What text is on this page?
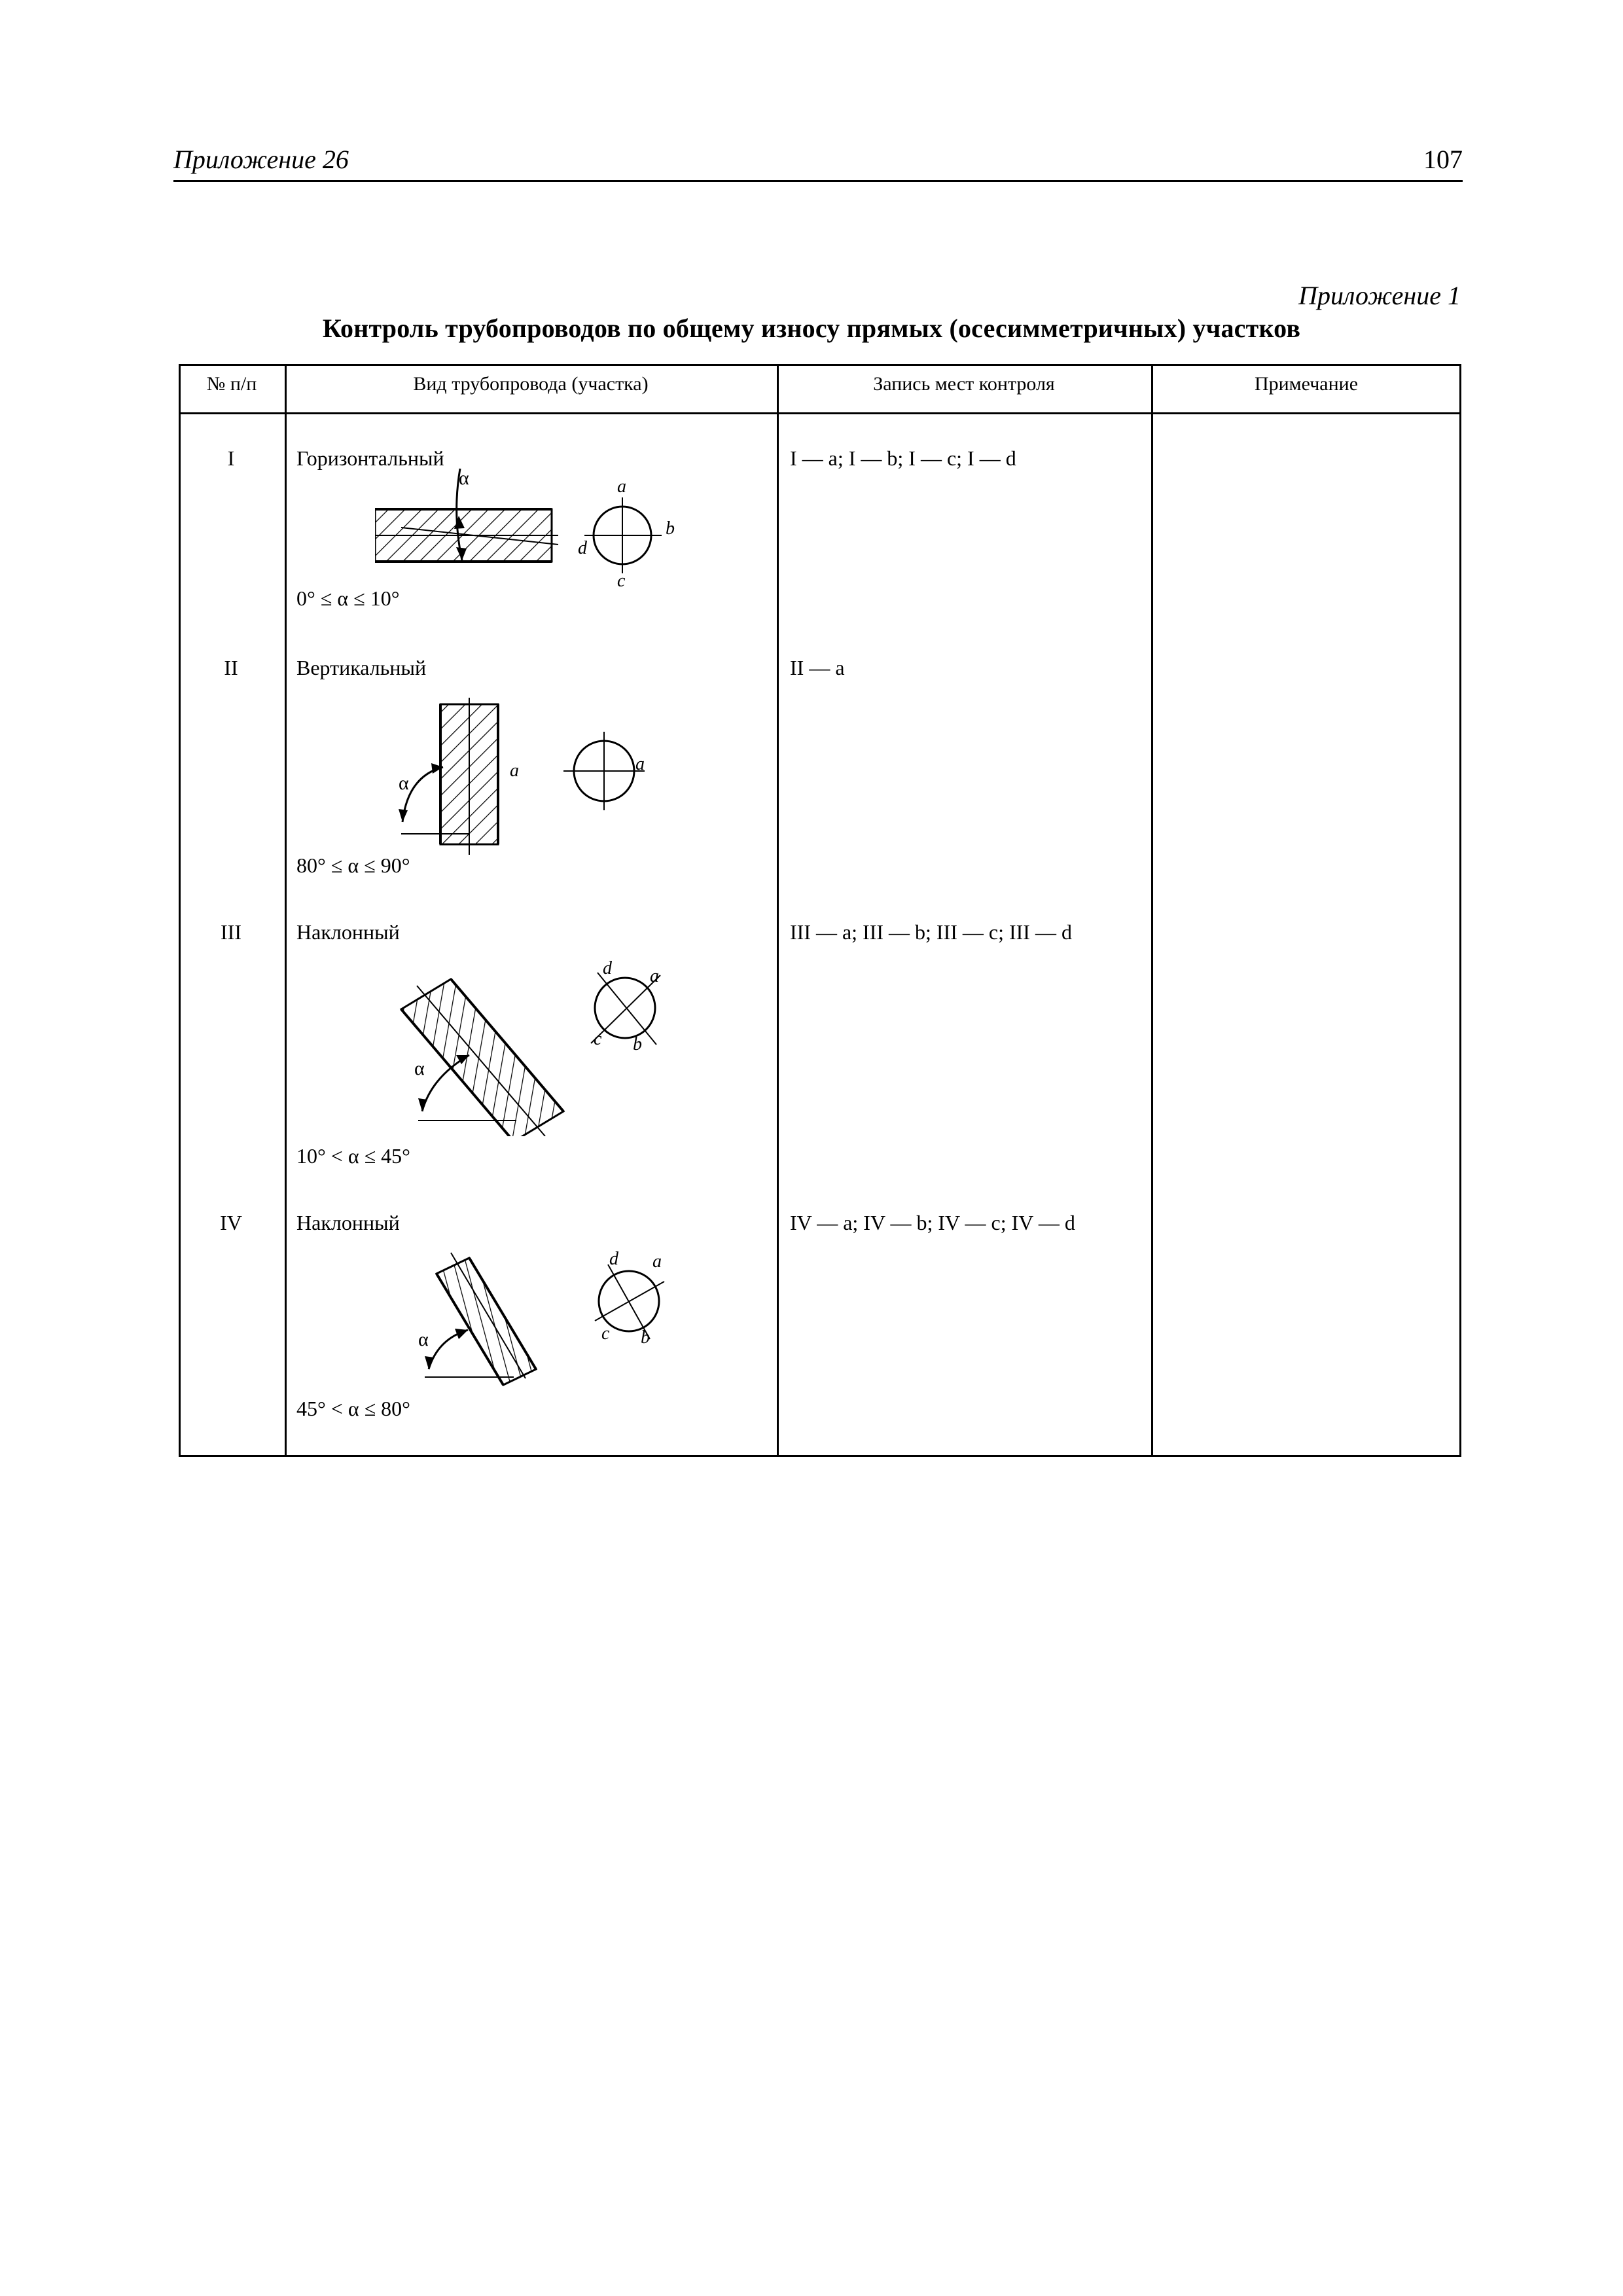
Приложение 26	107
Приложение 1
Контроль трубопроводов по общему износу прямых (осесимметричных) участков
№ п/п	Вид трубопровода (участка)	Запись мест контроля	Примечание
I	Горизонтальный	I — a; I — b; I — c; I — d
α	a
b
c
d
0° ≤ α ≤ 10°
II	Вертикальный	II — a
α
a	a
80° ≤ α ≤ 90°
III	Наклонный	III — a; III — b; III — c; III — d
α
d a
c b
10° < α ≤ 45°
IV	Наклонный	IV — a; IV — b; IV — c; IV — d
α
d a
c b
45° < α ≤ 80°
